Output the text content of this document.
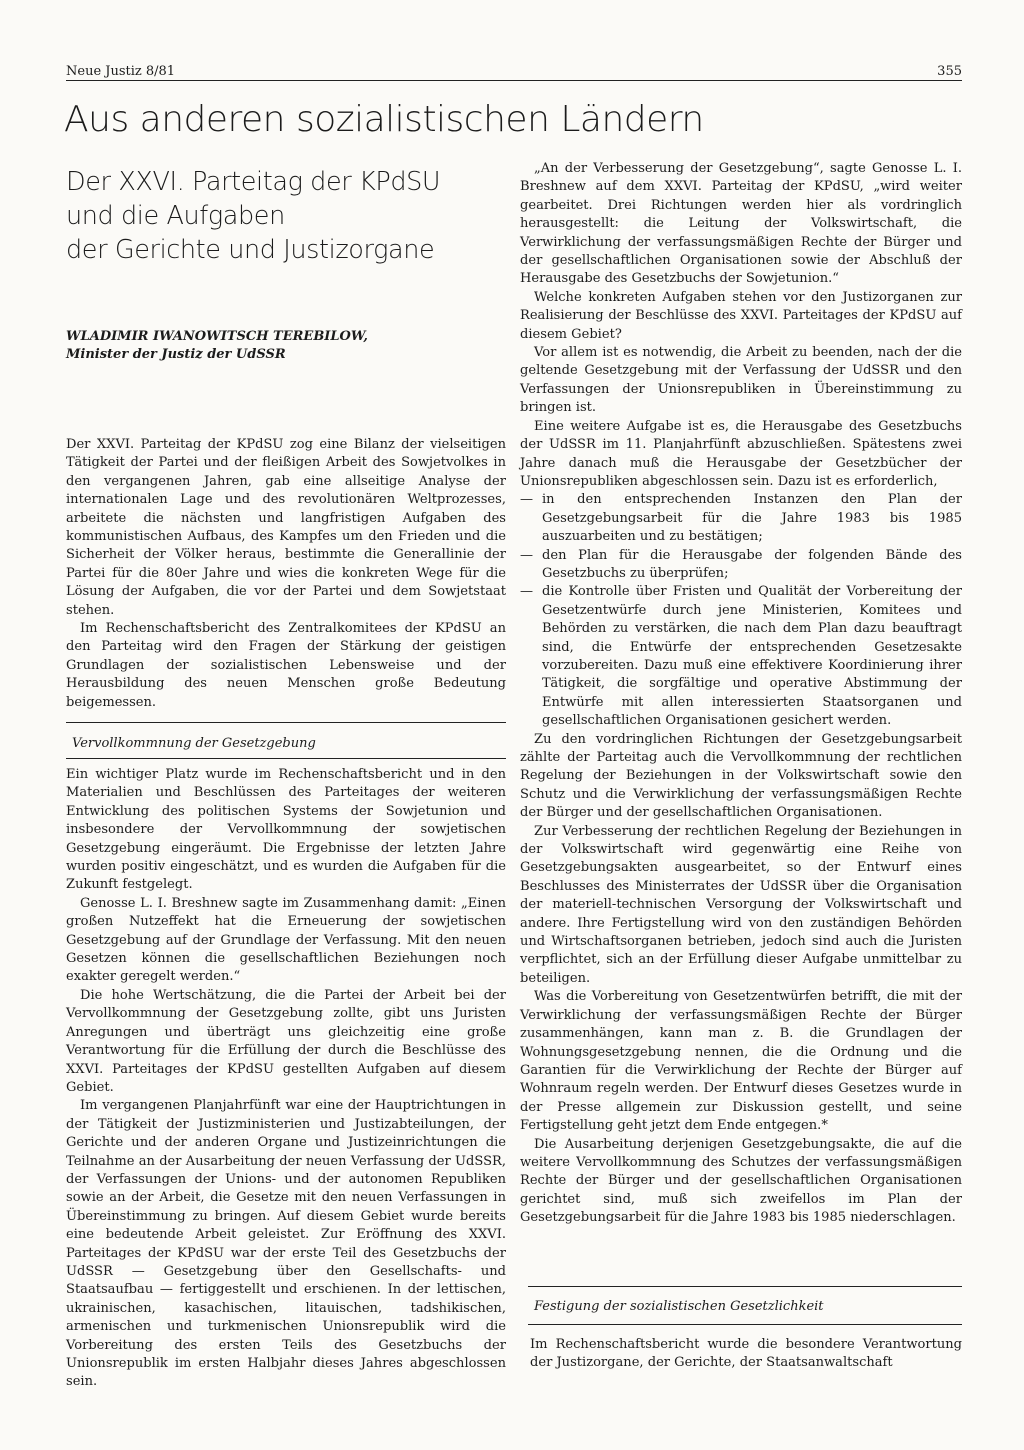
Neue Justiz 8/81	355
Aus anderen sozialistischen Ländern
Der XXVI. Parteitag der KPdSU
und die Aufgaben
der Gerichte und Justizorgane
WLADIMIR IWANOWITSCH TEREBILOW,
Minister der Justiz der UdSSR

Der XXVI. Parteitag der KPdSU zog eine Bilanz der vielseitigen Tätigkeit der Partei und der fleißigen Arbeit des Sowjetvolkes in den vergangenen Jahren, gab eine allseitige Analyse der internationalen Lage und des revolutionären Weltprozesses, arbeitete die nächsten und langfristigen Aufgaben des kommunistischen Aufbaus, des Kampfes um den Frieden und die Sicherheit der Völker heraus, bestimmte die Generallinie der Partei für die 80er Jahre und wies die konkreten Wege für die Lösung der Aufgaben, die vor der Partei und dem Sowjetstaat stehen.

Im Rechenschaftsbericht des Zentralkomitees der KPdSU an den Parteitag wird den Fragen der Stärkung der geistigen Grundlagen der sozialistischen Lebensweise und der Herausbildung des neuen Menschen große Bedeutung beigemessen.

Vervollkommnung der Gesetzgebung

Ein wichtiger Platz wurde im Rechenschaftsbericht und in den Materialien und Beschlüssen des Parteitages der weiteren Entwicklung des politischen Systems der Sowjetunion und insbesondere der Vervollkommnung der sowjetischen Gesetzgebung eingeräumt. Die Ergebnisse der letzten Jahre wurden positiv eingeschätzt, und es wurden die Aufgaben für die Zukunft festgelegt.

Genosse L. I. Breshnew sagte im Zusammenhang damit: „Einen großen Nutzeffekt hat die Erneuerung der sowjetischen Gesetzgebung auf der Grundlage der Verfassung. Mit den neuen Gesetzen können die gesellschaftlichen Beziehungen noch exakter geregelt werden.“

Die hohe Wertschätzung, die die Partei der Arbeit bei der Vervollkommnung der Gesetzgebung zollte, gibt uns Juristen Anregungen und überträgt uns gleichzeitig eine große Verantwortung für die Erfüllung der durch die Beschlüsse des XXVI. Parteitages der KPdSU gestellten Aufgaben auf diesem Gebiet.

Im vergangenen Planjahrfünft war eine der Hauptrichtungen in der Tätigkeit der Justizministerien und Justizabteilungen, der Gerichte und der anderen Organe und Justizeinrichtungen die Teilnahme an der Ausarbeitung der neuen Verfassung der UdSSR, der Verfassungen der Unions- und der autonomen Republiken sowie an der Arbeit, die Gesetze mit den neuen Verfassungen in Übereinstimmung zu bringen. Auf diesem Gebiet wurde bereits eine bedeutende Arbeit geleistet. Zur Eröffnung des XXVI. Parteitages der KPdSU war der erste Teil des Gesetzbuchs der UdSSR — Gesetzgebung über den Gesellschafts- und Staatsaufbau — fertiggestellt und erschienen. In der lettischen, ukrainischen, kasachischen, litauischen, tadshikischen, armenischen und turkmenischen Unionsrepublik wird die Vorbereitung des ersten Teils des Gesetzbuchs der Unionsrepublik im ersten Halbjahr dieses Jahres abgeschlossen sein.

„An der Verbesserung der Gesetzgebung“, sagte Genosse L. I. Breshnew auf dem XXVI. Parteitag der KPdSU, „wird weiter gearbeitet. Drei Richtungen werden hier als vordringlich herausgestellt: die Leitung der Volkswirtschaft, die Verwirklichung der verfassungsmäßigen Rechte der Bürger und der gesellschaftlichen Organisationen sowie der Abschluß der Herausgabe des Gesetzbuchs der Sowjetunion.“

Welche konkreten Aufgaben stehen vor den Justizorganen zur Realisierung der Beschlüsse des XXVI. Parteitages der KPdSU auf diesem Gebiet?

Vor allem ist es notwendig, die Arbeit zu beenden, nach der die geltende Gesetzgebung mit der Verfassung der UdSSR und den Verfassungen der Unionsrepubliken in Übereinstimmung zu bringen ist.

Eine weitere Aufgabe ist es, die Herausgabe des Gesetzbuchs der UdSSR im 11. Planjahrfünft abzuschließen. Spätestens zwei Jahre danach muß die Herausgabe der Gesetzbücher der Unionsrepubliken abgeschlossen sein. Dazu ist es erforderlich,

— in den entsprechenden Instanzen den Plan der Gesetzgebungsarbeit für die Jahre 1983 bis 1985 auszuarbeiten und zu bestätigen;
— den Plan für die Herausgabe der folgenden Bände des Gesetzbuchs zu überprüfen;
— die Kontrolle über Fristen und Qualität der Vorbereitung der Gesetzentwürfe durch jene Ministerien, Komitees und Behörden zu verstärken, die nach dem Plan dazu beauftragt sind, die Entwürfe der entsprechenden Gesetzesakte vorzubereiten. Dazu muß eine effektivere Koordinierung ihrer Tätigkeit, die sorgfältige und operative Abstimmung der Entwürfe mit allen interessierten Staatsorganen und gesellschaftlichen Organisationen gesichert werden.

Zu den vordringlichen Richtungen der Gesetzgebungsarbeit zählte der Parteitag auch die Vervollkommnung der rechtlichen Regelung der Beziehungen in der Volkswirtschaft sowie den Schutz und die Verwirklichung der verfassungsmäßigen Rechte der Bürger und der gesellschaftlichen Organisationen.

Zur Verbesserung der rechtlichen Regelung der Beziehungen in der Volkswirtschaft wird gegenwärtig eine Reihe von Gesetzgebungsakten ausgearbeitet, so der Entwurf eines Beschlusses des Ministerrates der UdSSR über die Organisation der materiell-technischen Versorgung der Volkswirtschaft und andere. Ihre Fertigstellung wird von den zuständigen Behörden und Wirtschaftsorganen betrieben, jedoch sind auch die Juristen verpflichtet, sich an der Erfüllung dieser Aufgabe unmittelbar zu beteiligen.

Was die Vorbereitung von Gesetzentwürfen betrifft, die mit der Verwirklichung der verfassungsmäßigen Rechte der Bürger zusammenhängen, kann man z. B. die Grundlagen der Wohnungsgesetzgebung nennen, die die Ordnung und die Garantien für die Verwirklichung der Rechte der Bürger auf Wohnraum regeln werden. Der Entwurf dieses Gesetzes wurde in der Presse allgemein zur Diskussion gestellt, und seine Fertigstellung geht jetzt dem Ende entgegen.*

Die Ausarbeitung derjenigen Gesetzgebungsakte, die auf die weitere Vervollkommnung des Schutzes der verfassungsmäßigen Rechte der Bürger und der gesellschaftlichen Organisationen gerichtet sind, muß sich zweifellos im Plan der Gesetzgebungsarbeit für die Jahre 1983 bis 1985 niederschlagen.

Festigung der sozialistischen Gesetzlichkeit

Im Rechenschaftsbericht wurde die besondere Verantwortung der Justizorgane, der Gerichte, der Staatsanwaltschaft
